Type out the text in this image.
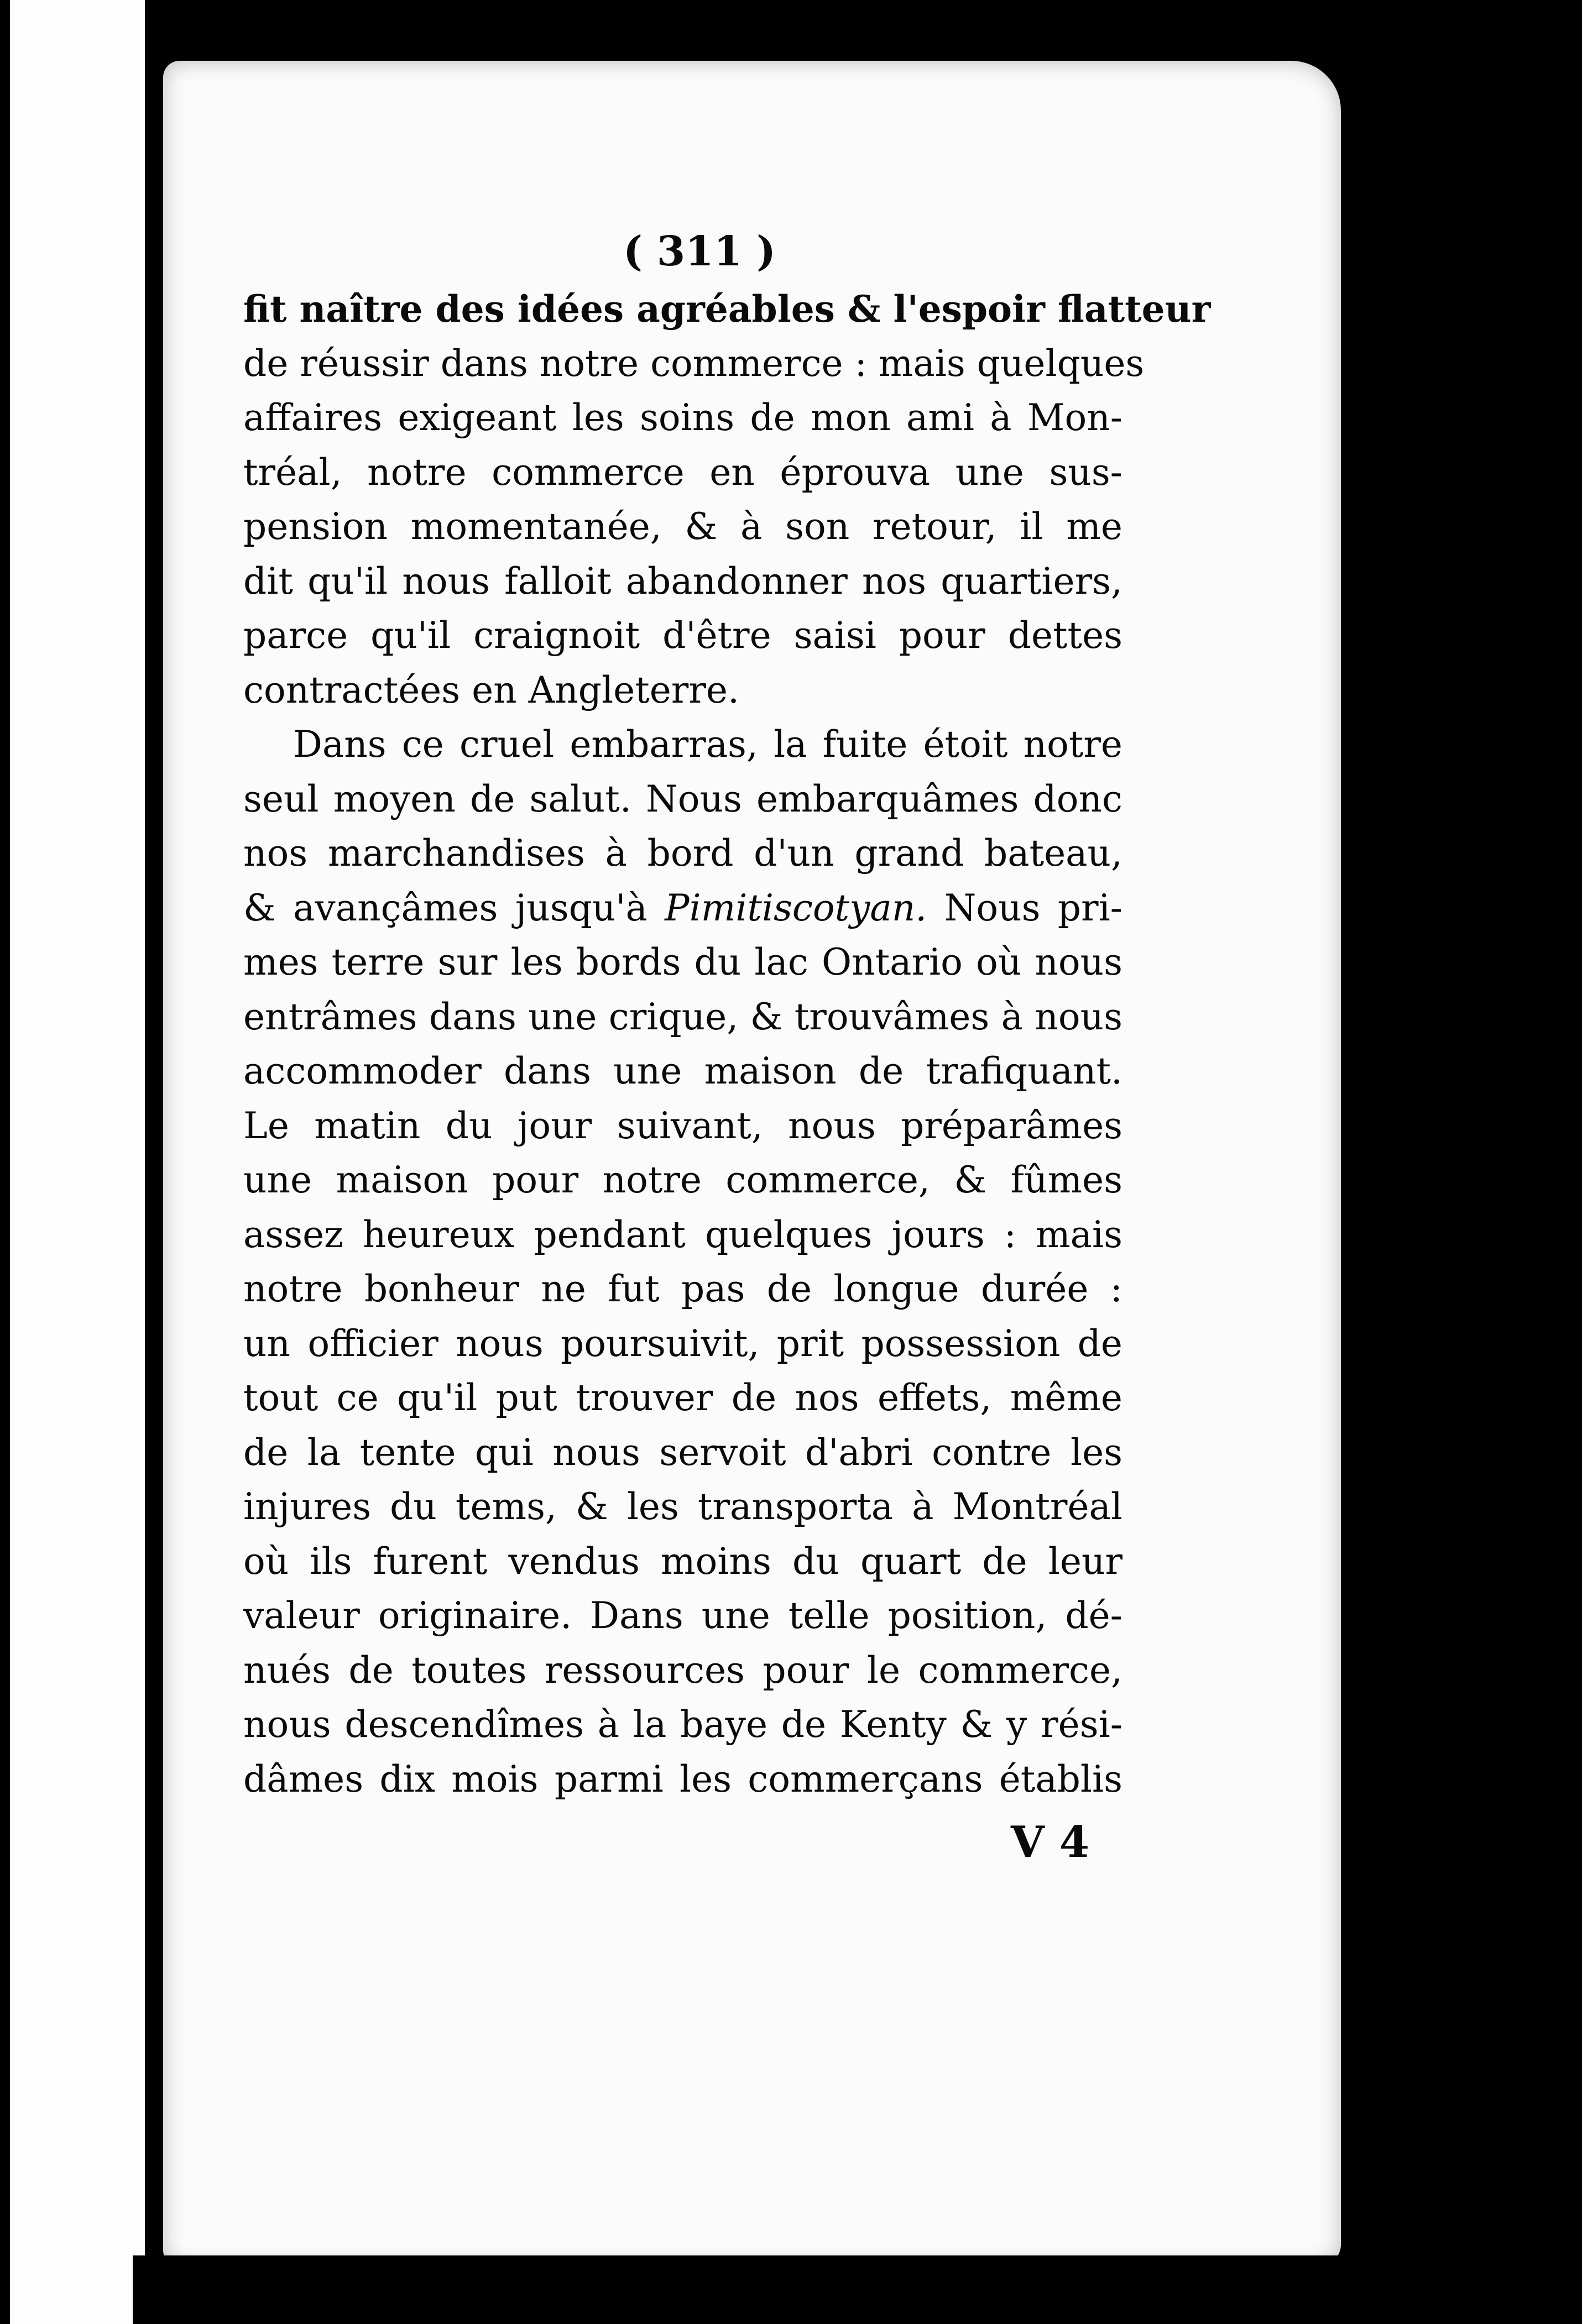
( 311 )

fit naître des idées agréables & l'espoir flatteur

de réussir dans notre commerce : mais quelques

affaires exigeant les soins de mon ami à Mon-

tréal, notre commerce en éprouva une sus-

pension momentanée, & à son retour, il me

dit qu'il nous falloit abandonner nos quartiers,

parce qu'il craignoit d'être saisi pour dettes

contractées en Angleterre.

Dans ce cruel embarras, la fuite étoit notre

seul moyen de salut. Nous embarquâmes donc

nos marchandises à bord d'un grand bateau,

& avançâmes jusqu'à Pimitiscotyan. Nous pri-

mes terre sur les bords du lac Ontario où nous

entrâmes dans une crique, & trouvâmes à nous

accommoder dans une maison de trafiquant.

Le matin du jour suivant, nous préparâmes

une maison pour notre commerce, & fûmes

assez heureux pendant quelques jours : mais

notre bonheur ne fut pas de longue durée :

un officier nous poursuivit, prit possession de

tout ce qu'il put trouver de nos effets, même

de la tente qui nous servoit d'abri contre les

injures du tems, & les transporta à Montréal

où ils furent vendus moins du quart de leur

valeur originaire. Dans une telle position, dé-

nués de toutes ressources pour le commerce,

nous descendîmes à la baye de Kenty & y rési-

dâmes dix mois parmi les commerçans établis

V 4
